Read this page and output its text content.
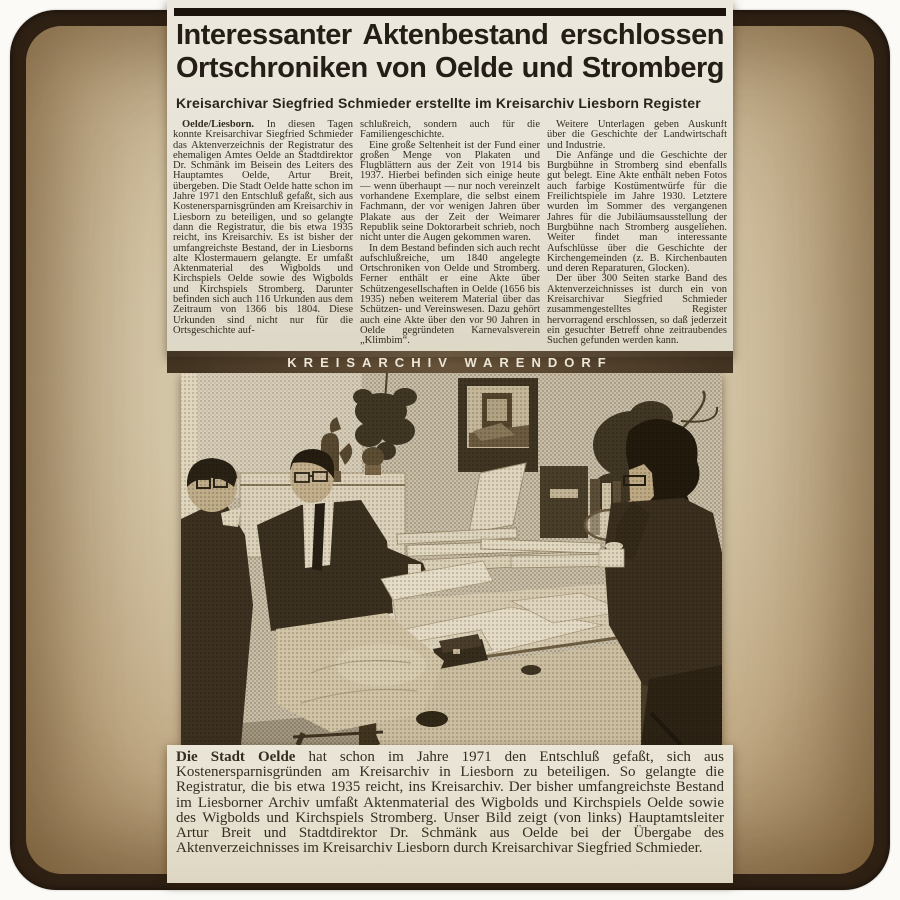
Interessanter Aktenbestand erschlossen
Ortschroniken von Oelde und Stromberg
Kreisarchivar Siegfried Schmieder erstellte im Kreisarchiv Liesborn Register

Oelde/Liesborn. In diesen Tagen konnte Kreisarchivar Siegfried Schmieder das Aktenverzeichnis der Registratur des ehemaligen Amtes Oelde an Stadtdirektor Dr. Schmänk im Beisein des Leiters des Hauptamtes Oelde, Artur Breit, übergeben. Die Stadt Oelde hatte schon im Jahre 1971 den Entschluß gefaßt, sich aus Kostenersparnisgründen am Kreisarchiv in Liesborn zu beteiligen, und so gelangte dann die Registratur, die bis etwa 1935 reicht, ins Kreisarchiv. Es ist bisher der umfangreichste Bestand, der in Liesborns alte Klostermauern gelangte. Er umfaßt Aktenmaterial des Wigbolds und Kirchspiels Oelde sowie des Wigbolds und Kirchspiels Stromberg. Darunter befinden sich auch 116 Urkunden aus dem Zeitraum von 1366 bis 1804. Diese Urkunden sind nicht nur für die Ortsgeschichte auf-

schlußreich, sondern auch für die Familiengeschichte.

Eine große Seltenheit ist der Fund einer großen Menge von Plakaten und Flugblättern aus der Zeit von 1914 bis 1937. Hierbei befinden sich einige heute — wenn überhaupt — nur noch vereinzelt vorhandene Exemplare, die selbst einem Fachmann, der vor wenigen Jahren über Plakate aus der Zeit der Weimarer Republik seine Doktorarbeit schrieb, noch nicht unter die Augen gekommen waren.

In dem Bestand befinden sich auch recht aufschlußreiche, um 1840 angelegte Ortschroniken von Oelde und Stromberg. Ferner enthält er eine Akte über Schützengesellschaften in Oelde (1656 bis 1935) neben weiterem Material über das Schützen- und Vereinswesen. Dazu gehört auch eine Akte über den vor 90 Jahren in Oelde gegründeten Karnevalsverein „Klimbim“.

Weitere Unterlagen geben Auskunft über die Geschichte der Landwirtschaft und Industrie.

Die Anfänge und die Geschichte der Burgbühne in Stromberg sind ebenfalls gut belegt. Eine Akte enthält neben Fotos auch farbige Kostümentwürfe für die Freilichtspiele im Jahre 1930. Letztere wurden im Sommer des vergangenen Jahres für die Jubiläumsausstellung der Burgbühne nach Stromberg ausgeliehen. Weiter findet man interessante Aufschlüsse über die Geschichte der Kirchengemeinden (z. B. Kirchenbauten und deren Reparaturen, Glocken).

Der über 300 Seiten starke Band des Aktenverzeichnisses ist durch ein von Kreisarchivar Siegfried Schmieder zusammengestelltes Register hervorragend erschlossen, so daß jederzeit ein gesuchter Betreff ohne zeitraubendes Suchen gefunden werden kann.

KREISARCHIV WARENDORF

Die Stadt Oelde hat schon im Jahre 1971 den Entschluß gefaßt, sich aus Kostenersparnisgründen am Kreisarchiv in Liesborn zu beteiligen. So gelangte die Registratur, die bis etwa 1935 reicht, ins Kreisarchiv. Der bisher umfangreichste Bestand im Liesborner Archiv umfaßt Aktenmaterial des Wigbolds und Kirchspiels Oelde sowie des Wigbolds und Kirchspiels Stromberg. Unser Bild zeigt (von links) Hauptamtsleiter Artur Breit und Stadtdirektor Dr. Schmänk aus Oelde bei der Übergabe des Aktenverzeichnisses im Kreisarchiv Liesborn durch Kreisarchivar Siegfried Schmieder.
